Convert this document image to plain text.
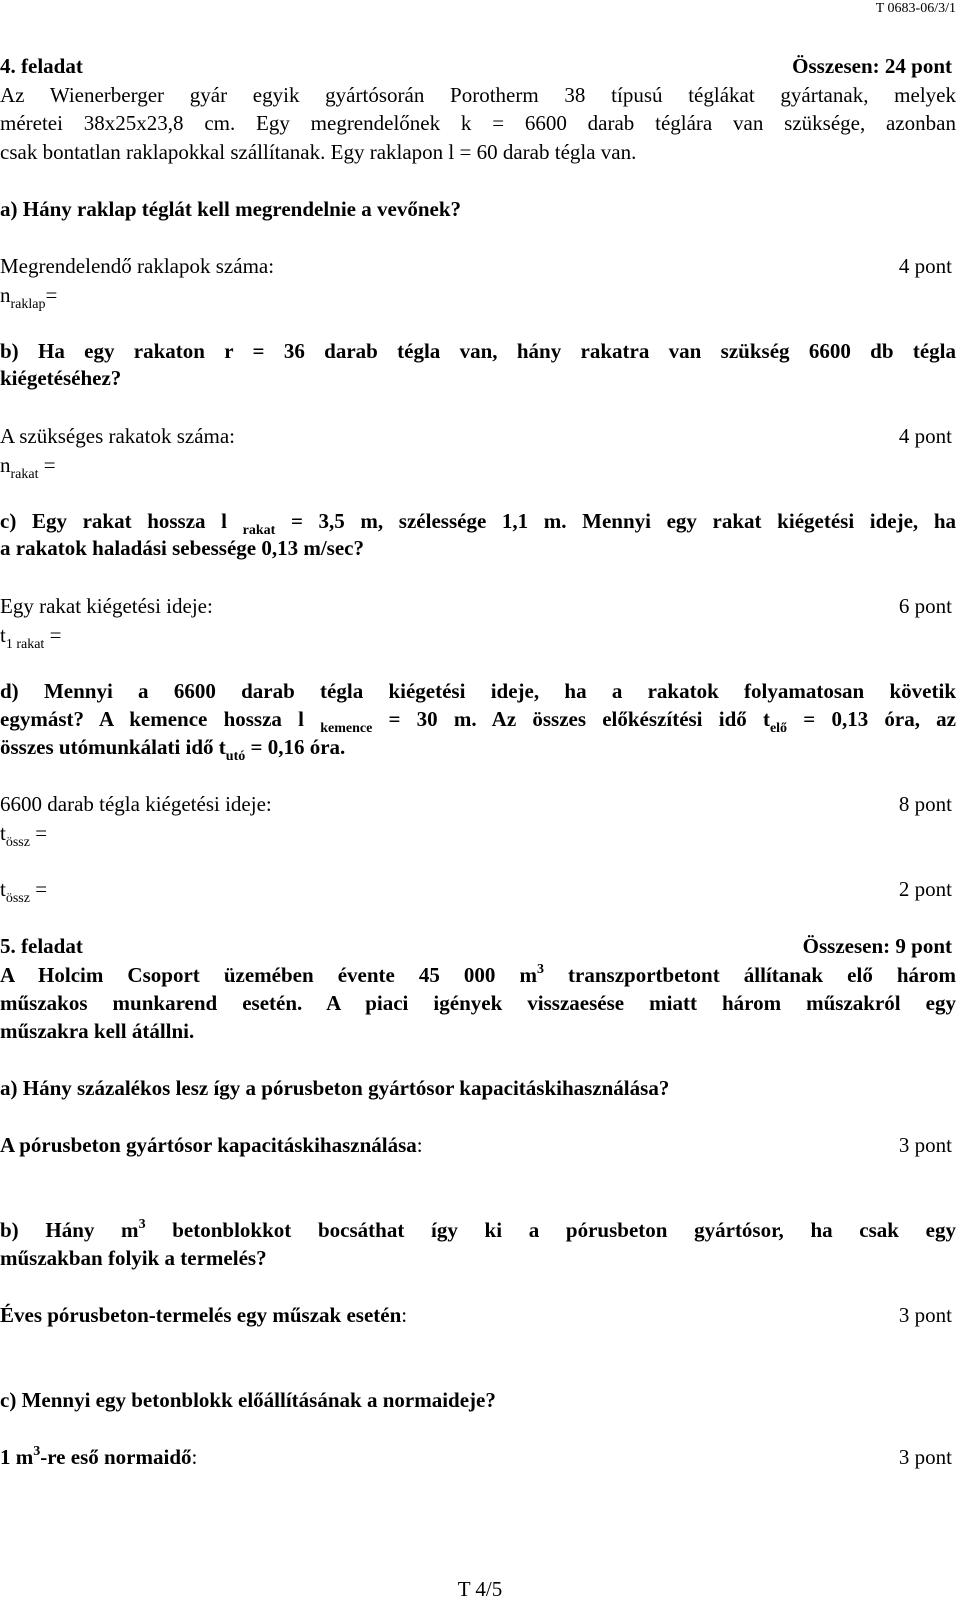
T 0683-06/3/1
4. feladat	Összesen: 24 pont
Az Wienerberger gyár egyik gyártósorán Porotherm 38 típusú téglákat gyártanak, melyek
méretei 38x25x23,8 cm. Egy megrendelőnek k = 6600 darab téglára van szüksége, azonban
csak bontatlan raklapokkal szállítanak. Egy raklapon l = 60 darab tégla van.
a) Hány raklap téglát kell megrendelnie a vevőnek?
Megrendelendő raklapok száma:	4 pont
$n_{raklap}=$
b) Ha egy rakaton r = 36 darab tégla van, hány rakatra van szükség 6600 db tégla
kiégetéséhez?
A szükséges rakatok száma:	4 pont
$n_{rakat}$ =
c) Egy rakat hossza l $_{rakat}$ = 3,5 m, szélessége 1,1 m. Mennyi egy rakat kiégetési ideje, ha
a rakatok haladási sebessége 0,13 m/sec?
Egy rakat kiégetési ideje:	6 pont
$t_{1 rakat}$ =
d) Mennyi a 6600 darab tégla kiégetési ideje, ha a rakatok folyamatosan követik
egymást? A kemence hossza l $_{kemence}$ = 30 m. Az összes előkészítési idő $t_{elő} = 0,13$ óra, az
összes utómunkálati idő $t_{utó} = 0,16$ óra.
6600 darab tégla kiégetési ideje:	8 pont
$t_{össz}$ =
$t_{össz}$ =	2 pont
5. feladat	Összesen: 9 pont
A Holcim Csoport üzemében évente 45 000 $m^3$ transzportbetont állítanak elő három
műszakos munkarend esetén. A piaci igények visszaesése miatt három műszakról egy
műszakra kell átállni.
a) Hány százalékos lesz így a pórusbeton gyártósor kapacitáskihasználása?
A pórusbeton gyártósor kapacitáskihasználása:	3 pont
b) Hány $m^3$ betonblokkot bocsáthat így ki a pórusbeton gyártósor, ha csak egy
műszakban folyik a termelés?
Éves pórusbeton-termelés egy műszak esetén:	3 pont
c) Mennyi egy betonblokk előállításának a normaideje?
1 $m^3-re$ eső normaidő:	3 pont
T 4/5
